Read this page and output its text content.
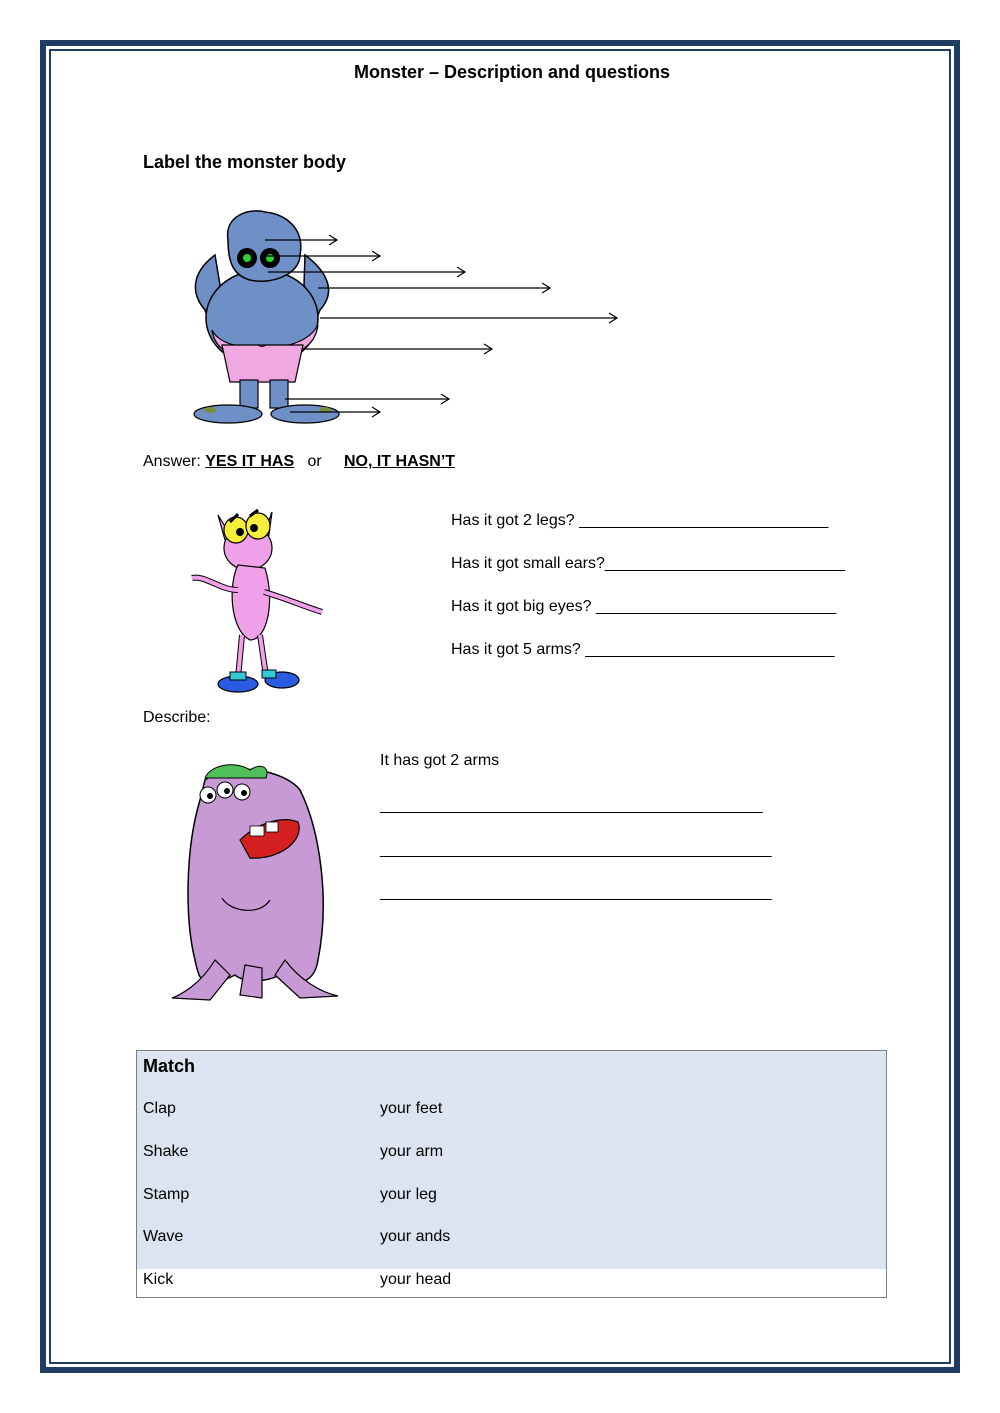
Monster – Description and questions
Label the monster body
Answer: YES IT HAS or NO, IT HASN’T
Has it got 2 legs? ____________________________
Has it got small ears?___________________________
Has it got big eyes? ___________________________
Has it got 5 arms? ____________________________
Describe:
It has got 2 arms
___________________________________________
____________________________________________
____________________________________________
Match
Clap	your feet
Shake	your arm
Stamp	your leg
Wave	your ands
Kick	your head
